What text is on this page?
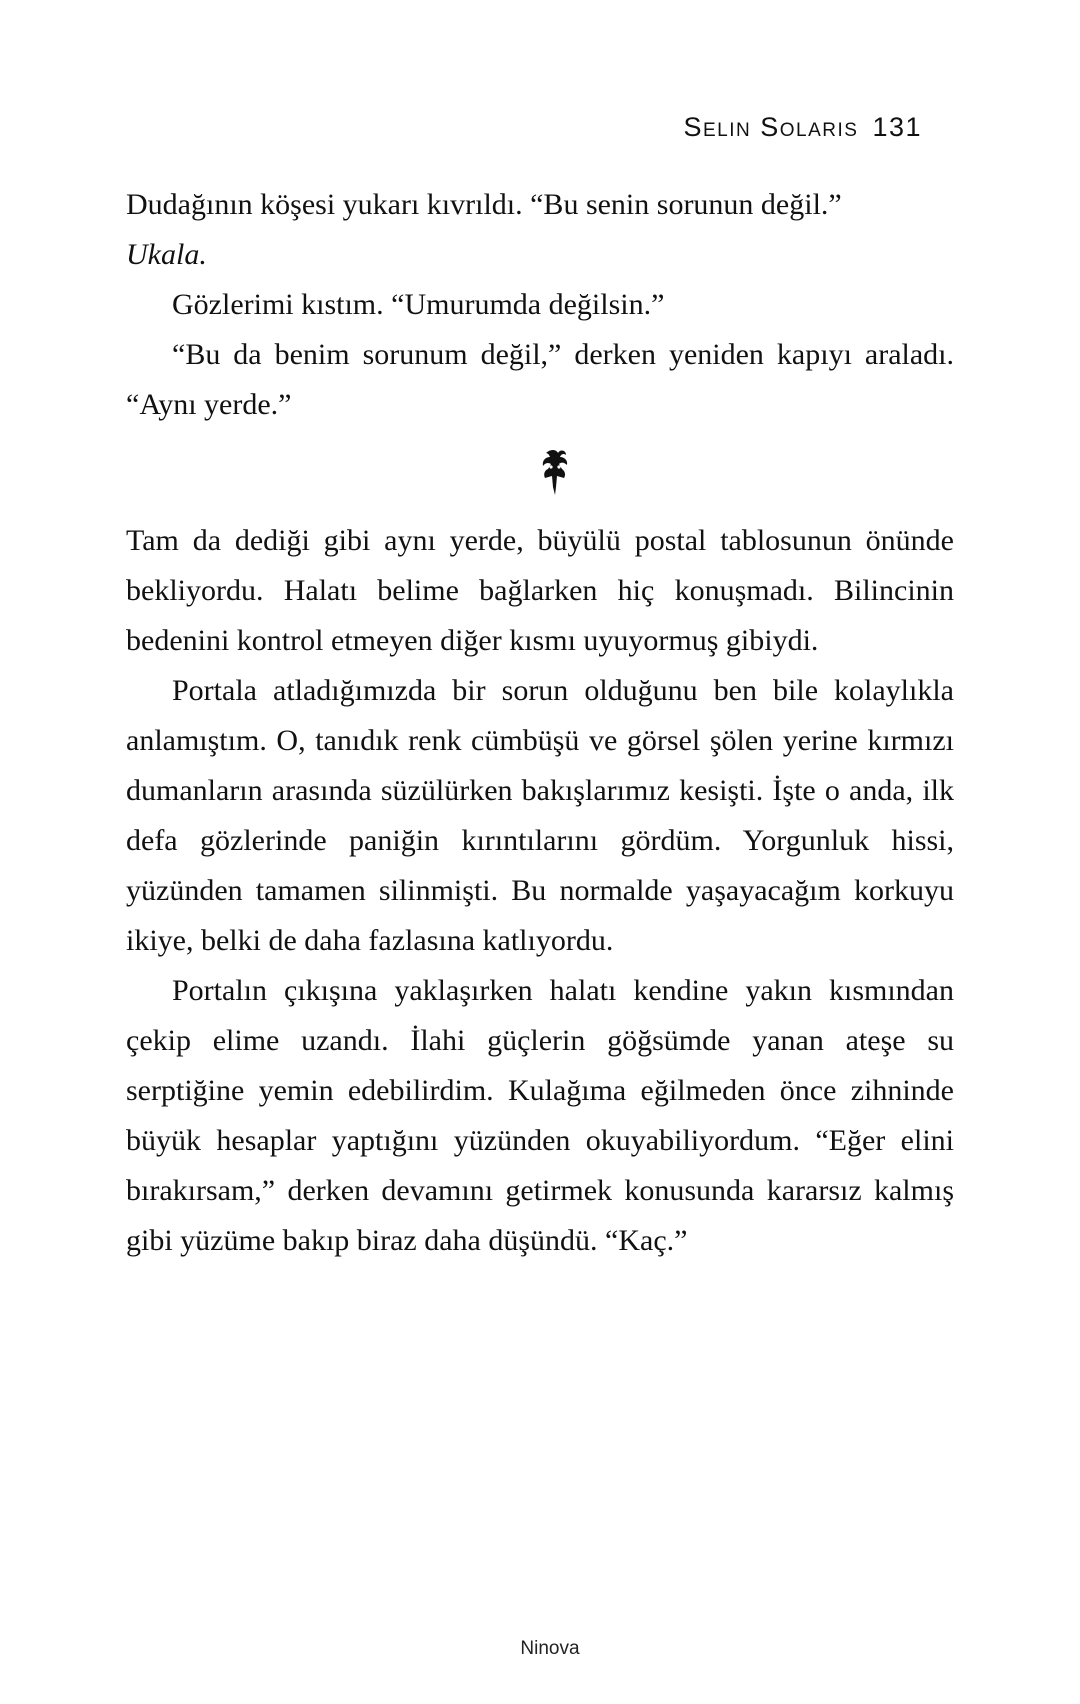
Selin Solaris 131

Dudağının köşesi yukarı kıvrıldı. “Bu senin sorunun değil.”

Ukala.

Gözlerimi kıstım. “Umurumda değilsin.”

“Bu da benim sorunum değil,” derken yeniden kapıyı araladı. “Aynı yerde.”

Tam da dediği gibi aynı yerde, büyülü postal tablosunun önünde bekliyordu. Halatı belime bağlarken hiç konuşmadı. Bilincinin bedenini kontrol etmeyen diğer kısmı uyuyormuş gibiydi.

Portala atladığımızda bir sorun olduğunu ben bile kolaylıkla anlamıştım. O, tanıdık renk cümbüşü ve görsel şölen yerine kırmızı dumanların arasında süzülürken bakışlarımız kesişti. İşte o anda, ilk defa gözlerinde paniğin kırıntılarını gördüm. Yorgunluk hissi, yüzünden tamamen silinmişti. Bu normalde yaşayacağım korkuyu ikiye, belki de daha fazlasına katlıyordu.

Portalın çıkışına yaklaşırken halatı kendine yakın kısmından çekip elime uzandı. İlahi güçlerin göğsümde yanan ateşe su serptiğine yemin edebilirdim. Kulağıma eğilmeden önce zihninde büyük hesaplar yaptığını yüzünden okuyabiliyordum. “Eğer elini bırakırsam,” derken devamını getirmek konusunda kararsız kalmış gibi yüzüme bakıp biraz daha düşündü. “Kaç.”

Ninova
